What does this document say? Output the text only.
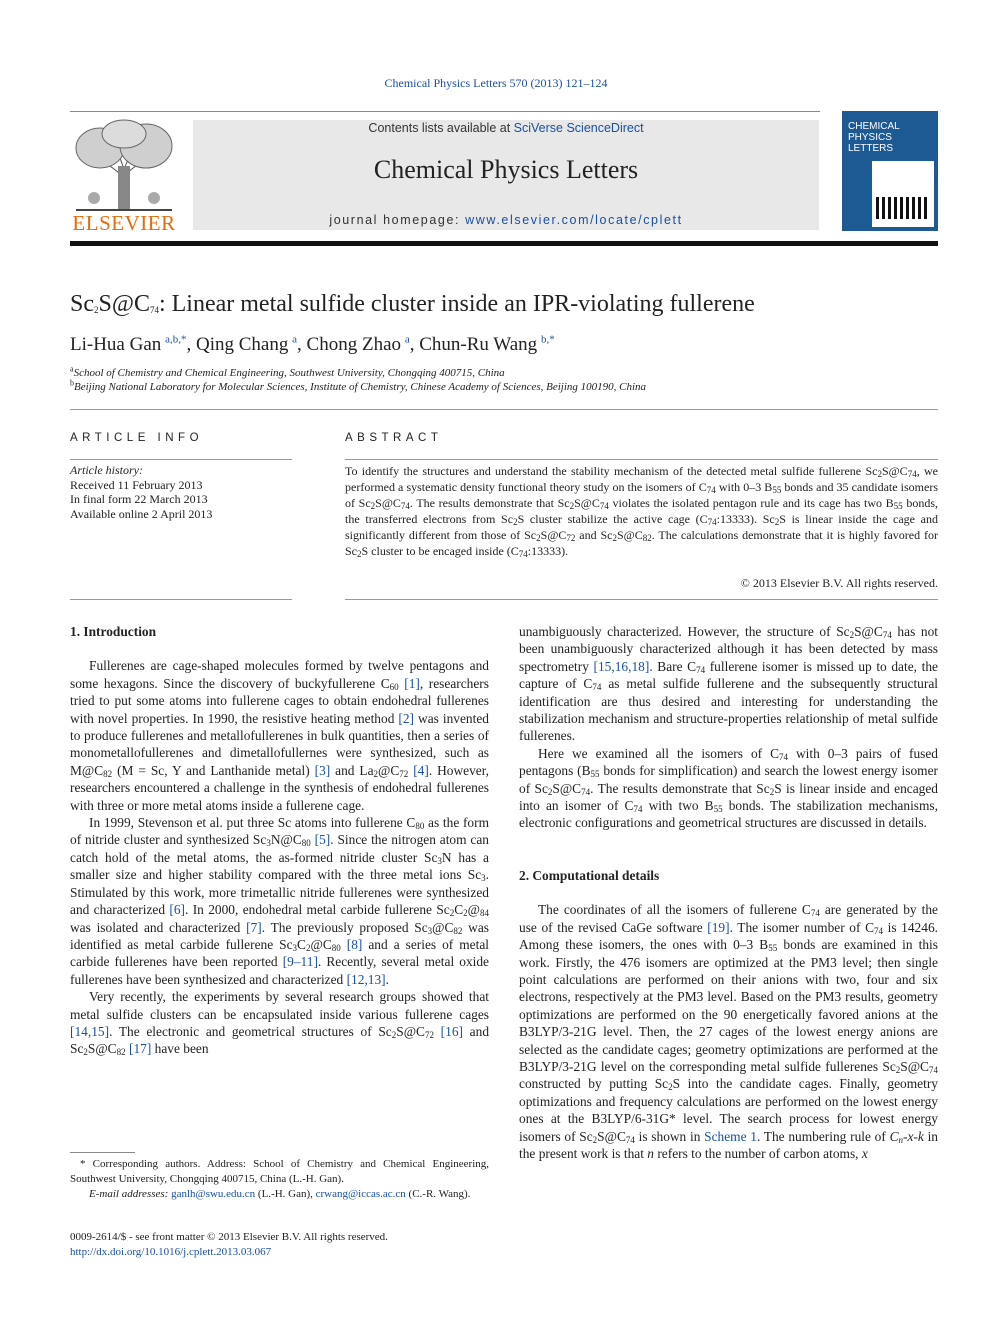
Chemical Physics Letters 570 (2013) 121–124
ELSEVIER
Contents lists available at SciVerse ScienceDirect
Chemical Physics Letters
journal homepage: www.elsevier.com/locate/cplett
CHEMICAL
PHYSICS
LETTERS
$Sc_2S@C_{74}$: Linear metal sulfide cluster inside an IPR-violating fullerene
Li-Hua Gan  $^{a,b,*}$, Qing Chang  $^a$, Chong Zhao  $^a$, Chun-Ru Wang  $^{b,*}$
$^a$School of Chemistry and Chemical Engineering, Southwest University, Chongqing 400715, China
$^b$Beijing National Laboratory for Molecular Sciences, Institute of Chemistry, Chinese Academy of Sciences, Beijing 100190, China
ARTICLE INFO
Article history:
Received 11 February 2013
In final form 22 March 2013
Available online 2 April 2013
ABSTRACT
To identify the structures and understand the stability mechanism of the detected metal sulfide fullerene $Sc_2S@C_{74}$, we performed a systematic density functional theory study on the isomers of $C_{74}$ with 0–3 $B_{55}$ bonds and 35 candidate isomers of $Sc_2S@C_{74}$. The results demonstrate that $Sc_2S@C_{74}$ violates the isolated pentagon rule and its cage has two $B_{55}$ bonds, the transferred electrons from $Sc_2S$ cluster stabilize the active cage $(C_{74}:13333)$. $Sc_2S$ is linear inside the cage and significantly different from those of $Sc_2S@C_{72}$ and $Sc_2S@C_{82}$. The calculations demonstrate that it is highly favored for $Sc_2S$ cluster to be encaged inside $(C_{74}:13333)$.
© 2013 Elsevier B.V. All rights reserved.
1. Introduction

Fullerenes are cage-shaped molecules formed by twelve pentagons and some hexagons. Since the discovery of buckyfullerene $C_{60}$ [1], researchers tried to put some atoms into fullerene cages to obtain endohedral fullerenes with novel properties. In 1990, the resistive heating method [2] was invented to produce fullerenes and metallofullerenes in bulk quantities, then a series of monometallofullerenes and dimetallofullernes were synthesized, such as $M@C_{82}$ (M = Sc, Y and Lanthanide metal) [3] and $La_2@C_{72}$ [4]. However, researchers encountered a challenge in the synthesis of endohedral fullerenes with three or more metal atoms inside a fullerene cage.

In 1999, Stevenson et al. put three Sc atoms into fullerene $C_{80}$ as the form of nitride cluster and synthesized $Sc_3N@C_{80}$ [5]. Since the nitrogen atom can catch hold of the metal atoms, the as-formed nitride cluster $Sc_3N$ has a smaller size and higher stability compared with the three metal ions $Sc_3$. Stimulated by this work, more trimetallic nitride fullerenes were synthesized and characterized [6]. In 2000, endohedral metal carbide fullerene $Sc_2C_2@_{84}$ was isolated and characterized [7]. The previously proposed $Sc_3@C_{82}$ was identified as metal carbide fullerene $Sc_3C_2@C_{80}$ [8] and a series of metal carbide fullerenes have been reported [9–11]. Recently, several metal oxide fullerenes have been synthesized and characterized [12,13].

Very recently, the experiments by several research groups showed that metal sulfide clusters can be encapsulated inside various fullerene cages [14,15]. The electronic and geometrical structures of $Sc_2S@C_{72}$ [16] and $Sc_2S@C_{82}$ [17] have been

* Corresponding authors. Address: School of Chemistry and Chemical Engineering, Southwest University, Chongqing 400715, China (L.-H. Gan).
E-mail addresses: ganlh@swu.edu.cn (L.-H. Gan), crwang@iccas.ac.cn (C.-R. Wang).
0009-2614/$ - see front matter © 2013 Elsevier B.V. All rights reserved.
http://dx.doi.org/10.1016/j.cplett.2013.03.067

unambiguously characterized. However, the structure of $Sc_2S@C_{74}$ has not been unambiguously characterized although it has been detected by mass spectrometry [15,16,18]. Bare $C_{74}$ fullerene isomer is missed up to date, the capture of $C_{74}$ as metal sulfide fullerene and the subsequently structural identification are thus desired and interesting for understanding the stabilization mechanism and structure-properties relationship of metal sulfide fullerenes.

Here we examined all the isomers of $C_{74}$ with 0–3 pairs of fused pentagons ($B_{55}$ bonds for simplification) and search the lowest energy isomer of $Sc_2S@C_{74}$. The results demonstrate that $Sc_2S$ is linear inside and encaged into an isomer of $C_{74}$ with two $B_{55}$ bonds. The stabilization mechanisms, electronic configurations and geometrical structures are discussed in details.

2. Computational details

The coordinates of all the isomers of fullerene $C_{74}$ are generated by the use of the revised CaGe software [19]. The isomer number of $C_{74}$ is 14246. Among these isomers, the ones with 0–3 $B_{55}$ bonds are examined in this work. Firstly, the 476 isomers are optimized at the PM3 level; then single point calculations are performed on their anions with two, four and six electrons, respectively at the PM3 level. Based on the PM3 results, geometry optimizations are performed on the 90 energetically favored anions at the B3LYP/3-21G level. Then, the 27 cages of the lowest energy anions are selected as the candidate cages; geometry optimizations are performed at the B3LYP/3-21G level on the corresponding metal sulfide fullerenes $Sc_2S@C_{74}$ constructed by putting $Sc_2S$ into the candidate cages. Finally, geometry optimizations and frequency calculations are performed on the lowest energy ones at the B3LYP/6-31G* level. The search process for lowest energy isomers of $Sc_2S@C_{74}$ is shown in Scheme 1. The numbering rule of $C_n-x-k$ in the present work is that n refers to the number of carbon atoms, x
